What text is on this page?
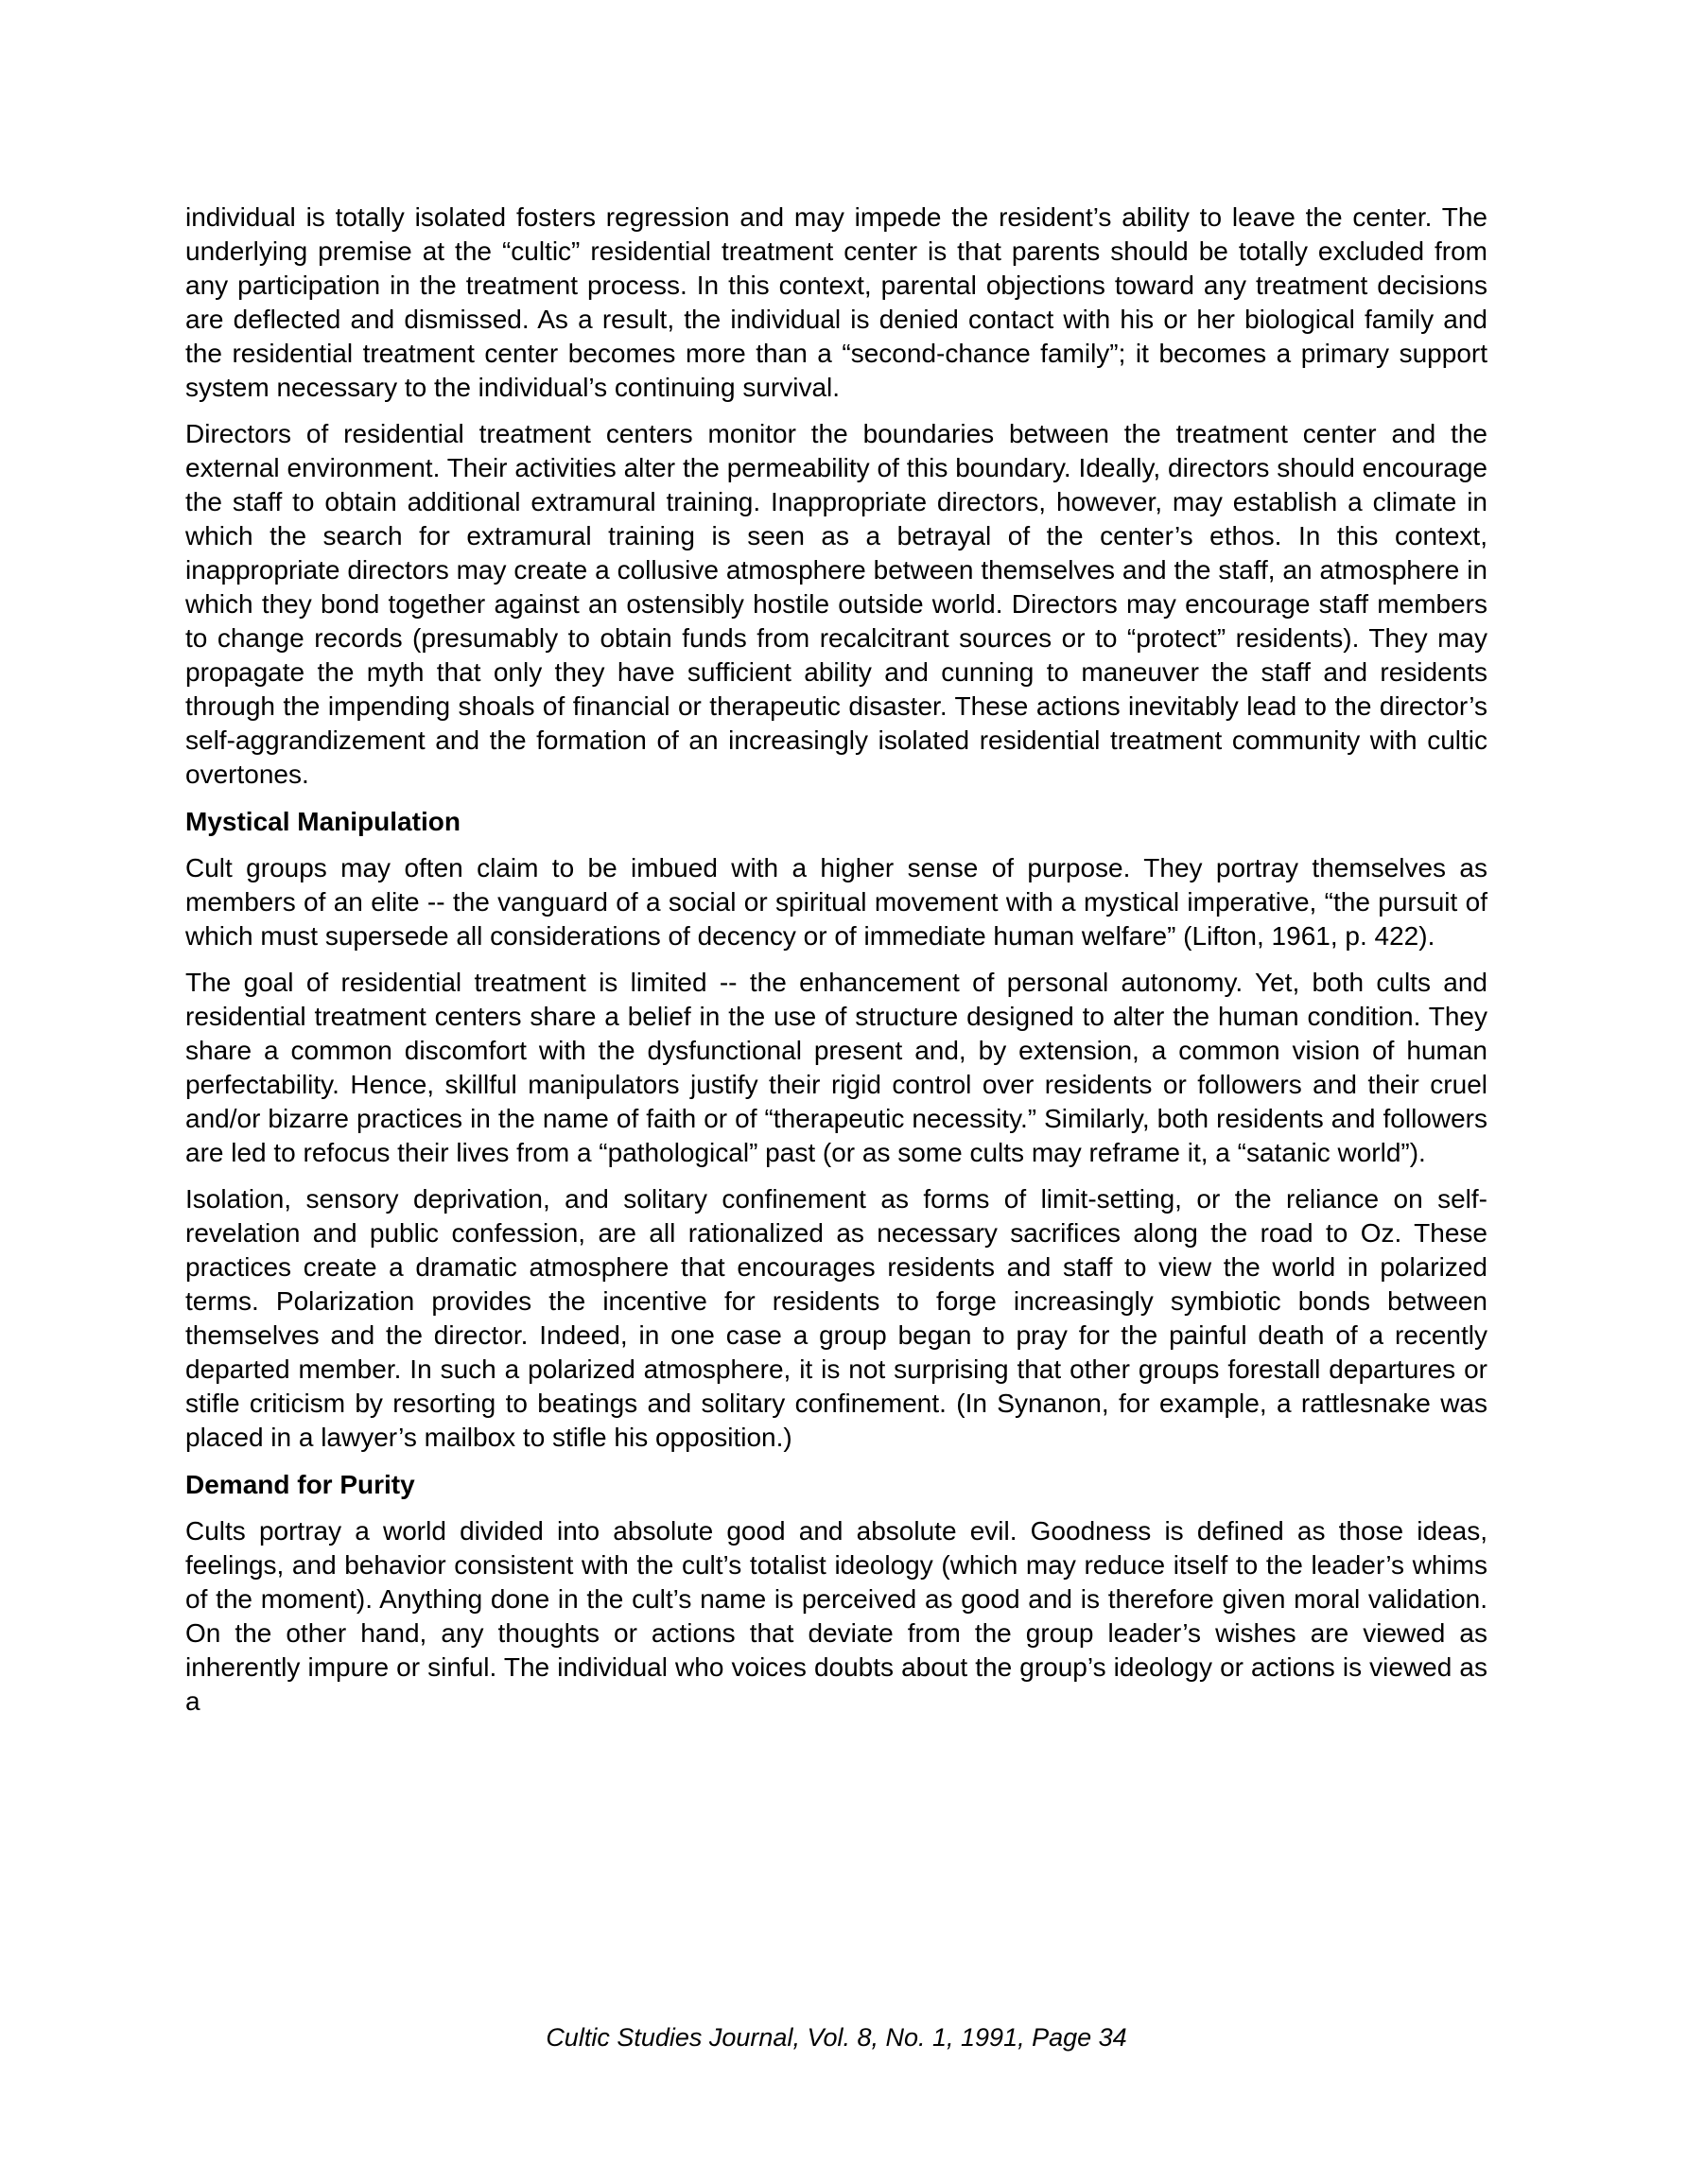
individual is totally isolated fosters regression and may impede the resident’s ability to leave the center. The underlying premise at the “cultic” residential treatment center is that parents should be totally excluded from any participation in the treatment process. In this context, parental objections toward any treatment decisions are deflected and dismissed. As a result, the individual is denied contact with his or her biological family and the residential treatment center becomes more than a “second-chance family”; it becomes a primary support system necessary to the individual’s continuing survival.

Directors of residential treatment centers monitor the boundaries between the treatment center and the external environment. Their activities alter the permeability of this boundary. Ideally, directors should encourage the staff to obtain additional extramural training. Inappropriate directors, however, may establish a climate in which the search for extramural training is seen as a betrayal of the center’s ethos. In this context, inappropriate directors may create a collusive atmosphere between themselves and the staff, an atmosphere in which they bond together against an ostensibly hostile outside world. Directors may encourage staff members to change records (presumably to obtain funds from recalcitrant sources or to “protect” residents). They may propagate the myth that only they have sufficient ability and cunning to maneuver the staff and residents through the impending shoals of financial or therapeutic disaster. These actions inevitably lead to the director’s self-aggrandizement and the formation of an increasingly isolated residential treatment community with cultic overtones.

Mystical Manipulation

Cult groups may often claim to be imbued with a higher sense of purpose. They portray themselves as members of an elite -- the vanguard of a social or spiritual movement with a mystical imperative, “the pursuit of which must supersede all considerations of decency or of immediate human welfare” (Lifton, 1961, p. 422).

The goal of residential treatment is limited -- the enhancement of personal autonomy. Yet, both cults and residential treatment centers share a belief in the use of structure designed to alter the human condition. They share a common discomfort with the dysfunctional present and, by extension, a common vision of human perfectability. Hence, skillful manipulators justify their rigid control over residents or followers and their cruel and/or bizarre practices in the name of faith or of “therapeutic necessity.” Similarly, both residents and followers are led to refocus their lives from a “pathological” past (or as some cults may reframe it, a “satanic world”).

Isolation, sensory deprivation, and solitary confinement as forms of limit-setting, or the reliance on self-revelation and public confession, are all rationalized as necessary sacrifices along the road to Oz. These practices create a dramatic atmosphere that encourages residents and staff to view the world in polarized terms. Polarization provides the incentive for residents to forge increasingly symbiotic bonds between themselves and the director. Indeed, in one case a group began to pray for the painful death of a recently departed member. In such a polarized atmosphere, it is not surprising that other groups forestall departures or stifle criticism by resorting to beatings and solitary confinement. (In Synanon, for example, a rattlesnake was placed in a lawyer’s mailbox to stifle his opposition.)

Demand for Purity

Cults portray a world divided into absolute good and absolute evil. Goodness is defined as those ideas, feelings, and behavior consistent with the cult’s totalist ideology (which may reduce itself to the leader’s whims of the moment). Anything done in the cult’s name is perceived as good and is therefore given moral validation. On the other hand, any thoughts or actions that deviate from the group leader’s wishes are viewed as inherently impure or sinful. The individual who voices doubts about the group’s ideology or actions is viewed as a

Cultic Studies Journal, Vol. 8, No. 1, 1991, Page 34
